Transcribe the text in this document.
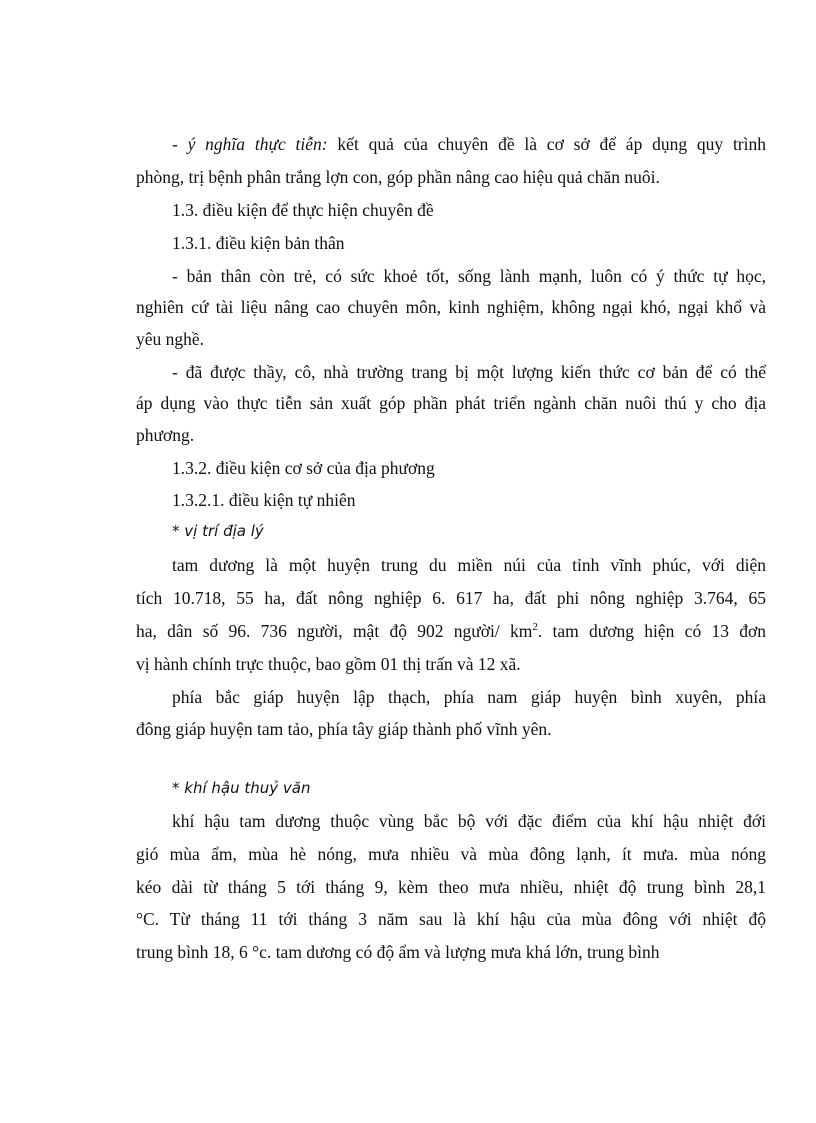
- ý nghĩa thực tiễn: kết quả của chuyên đề là cơ sở để áp dụng quy trình
phòng, trị bệnh phân trắng lợn con, góp phần nâng cao hiệu quả chăn nuôi.
1.3. điều kiện để thực hiện chuyên đề
1.3.1. điều kiện bản thân
- bản thân còn trẻ, có sức khoẻ tốt, sống lành mạnh, luôn có ý thức tự học,
nghiên cứ tài liệu nâng cao chuyên môn, kinh nghiệm, không ngại khó, ngại khổ và
yêu nghề.
- đã được thầy, cô, nhà trường trang bị một lượng kiến thức cơ bản để có thể
áp dụng vào thực tiễn sản xuất góp phần phát triển ngành chăn nuôi thú y cho địa
phương.
1.3.2. điều kiện cơ sở của địa phương
1.3.2.1. điều kiện tự nhiên
* vị trí địa lý
tam dương là một huyện trung du miền núi của tỉnh vĩnh phúc, với diện
tích 10.718, 55 ha, đất nông nghiệp 6. 617 ha, đất phi nông nghiệp 3.764, 65
ha, dân số 96. 736 người, mật độ 902 người/ $km^2$. tam dương hiện có 13 đơn
vị hành chính trực thuộc, bao gồm 01 thị trấn và 12 xã.
phía bắc giáp huyện lập thạch, phía nam giáp huyện bình xuyên, phía
đông giáp huyện tam tảo, phía tây giáp thành phố vĩnh yên.
* khí hậu thuỷ văn
khí hậu tam dương thuộc vùng bắc bộ với đặc điểm của khí hậu nhiệt đới
gió mùa ẩm, mùa hè nóng, mưa nhiều và mùa đông lạnh, ít mưa. mùa nóng
kéo dài từ tháng 5 tới tháng 9, kèm theo mưa nhiều, nhiệt độ trung bình 28,1
°C. Từ tháng 11 tới tháng 3 năm sau là khí hậu của mùa đông với nhiệt độ
trung bình 18, 6 °c. tam dương có độ ẩm và lượng mưa khá lớn, trung bình
